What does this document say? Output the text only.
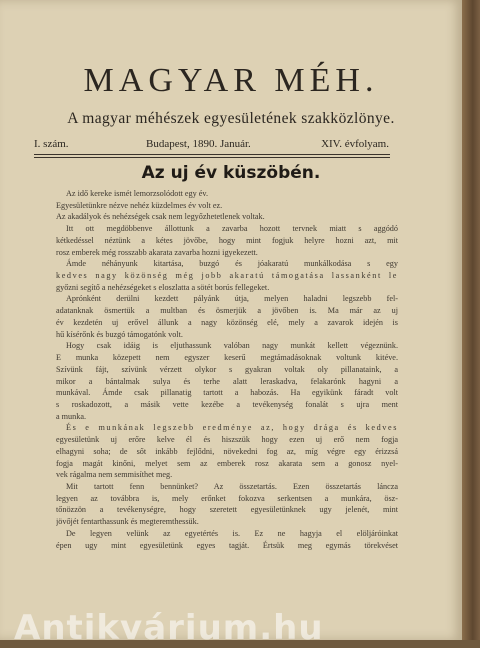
MAGYAR MÉH.
A magyar méhészek egyesületének szakközlönye.
I. szám.	Budapest, 1890. Január.	XIV. évfolyam.
Az uj év küszöbén.
Az idő kereke ismét lemorzsolódott egy év.
Egyesületünkre nézve nehéz küzdelmes év volt ez.
Az akadályok és nehézségek csak nem legyőzhetetlenek voltak.
Itt ott megdöbbenve állottunk a zavarba hozott tervnek miatt s aggódó
kétkedéssel néztünk a kétes jövőbe, hogy mint fogjuk helyre hozni azt, mit
rosz emberek még rosszabb akarata zavarba hozni igyekezett.
Ámde néhányunk kitartása, buzgó és jóakaratú munkálkodása s egy
kedves nagy közönség még jobb akaratú támogatása lassanként le
győzni segítő a nehézségeket s eloszlatta a sötét borús fellegeket.
Aprónként derülni kezdett pályánk útja, melyen haladni legszebb fel-
adatanknak ösmertük a multban és ösmerjük a jövőben is. Ma már az uj
év kezdetén uj erővel állunk a nagy közönség elé, mely a zavarok idején is
hű kísérőnk és buzgó támogatónk volt.
Hogy csak idáig is eljuthassunk valóban nagy munkát kellett végeznünk.
E munka közepett nem egyszer keserű megtámadásoknak voltunk kitéve.
Szívünk fájt, szívünk vérzett olykor s gyakran voltak oly pillanataink, a
mikor a bántalmak sulya és terhe alatt leraskadva, felakarónk hagyni a
munkával. Ámde csak pillanatig tartott a habozás. Ha egyikünk fáradt volt
s roskadozott, a másik vette kezébe a tevékenység fonalát s ujra ment
a munka.
És e munkának legszebb eredménye az, hogy drága és kedves
egyesületünk uj erőre kelve él és hiszszük hogy ezen uj erő nem fogja
elhagyni soha; de sőt inkább fejlődni, növekedni fog az, míg végre egy érizzsá
fogja magát kinőni, melyet sem az emberek rosz akarata sem a gonosz nyel-
vek rágalma nem semmisíthet meg.
Mit tartott fenn bennünket? Az összetartás. Ezen összetartás láncza
legyen az továbbra is, mely erőnket fokozva serkentsen a munkára, ösz-
tőnözzön a tevékenységre, hogy szeretett egyesületünknek ugy jelenét, mint
jövőjét fentarthassunk és megteremthessük.
De legyen velünk az egyetértés is. Ez ne hagyja el elöljáróinkat
épen ugy mint egyesületünk egyes tagját. Értsük meg egymás törekvéset
Antikvárium.hu
